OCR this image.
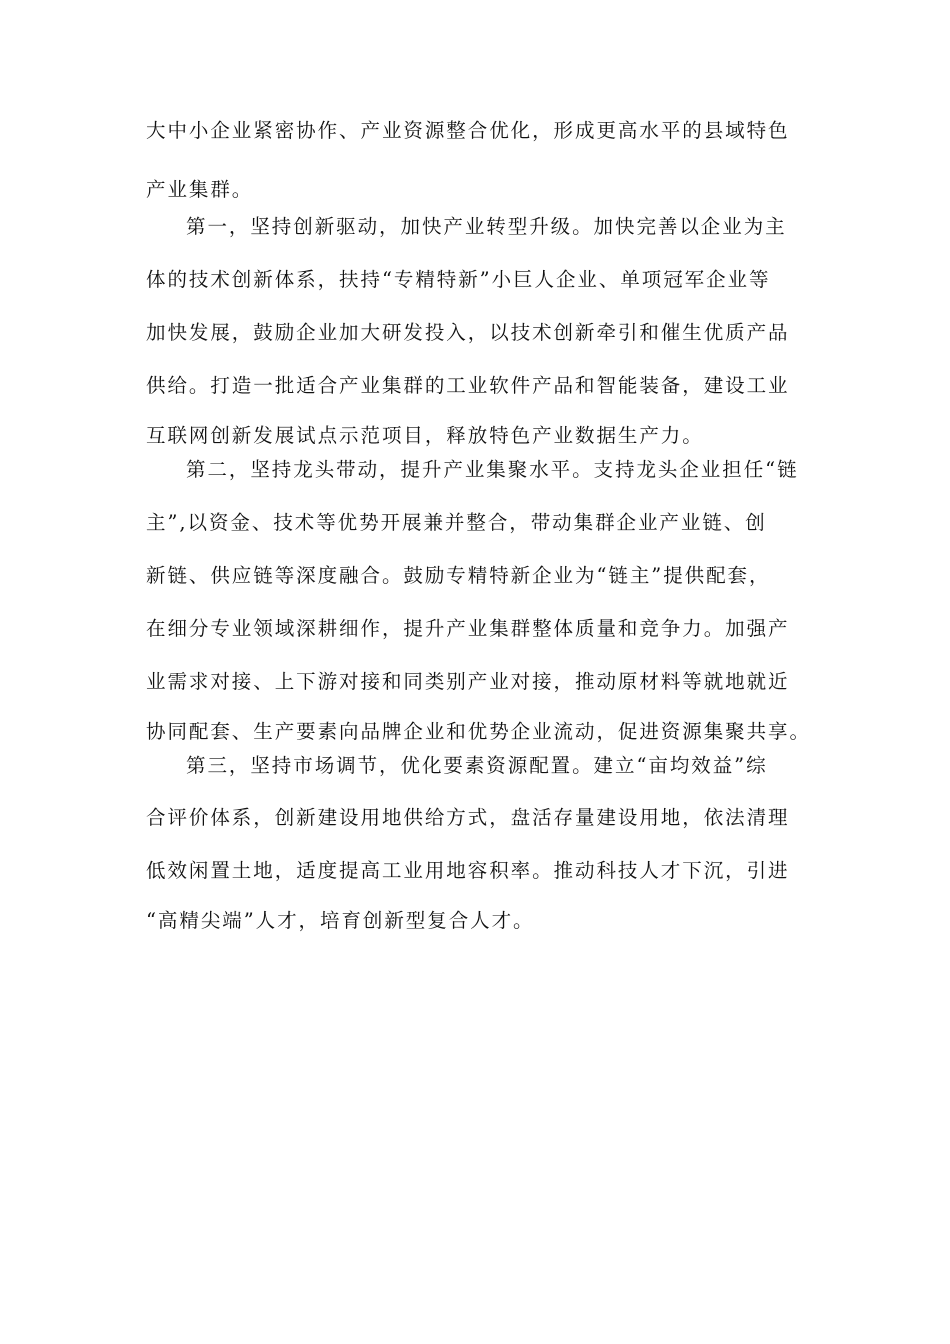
大中小企业紧密协作、产业资源整合优化，形成更高水平的县域特色
产业集群。
第一，坚持创新驱动，加快产业转型升级。加快完善以企业为主
体的技术创新体系，扶持“专精特新”小巨人企业、单项冠军企业等
加快发展，鼓励企业加大研发投入，以技术创新牵引和催生优质产品
供给。打造一批适合产业集群的工业软件产品和智能装备，建设工业
互联网创新发展试点示范项目，释放特色产业数据生产力。
第二，坚持龙头带动，提升产业集聚水平。支持龙头企业担任“链
主”,以资金、技术等优势开展兼并整合，带动集群企业产业链、创
新链、供应链等深度融合。鼓励专精特新企业为“链主”提供配套，
在细分专业领域深耕细作，提升产业集群整体质量和竞争力。加强产
业需求对接、上下游对接和同类别产业对接，推动原材料等就地就近
协同配套、生产要素向品牌企业和优势企业流动，促进资源集聚共享。
第三，坚持市场调节，优化要素资源配置。建立“亩均效益”综
合评价体系，创新建设用地供给方式，盘活存量建设用地，依法清理
低效闲置土地，适度提高工业用地容积率。推动科技人才下沉，引进
“高精尖端”人才，培育创新型复合人才。
